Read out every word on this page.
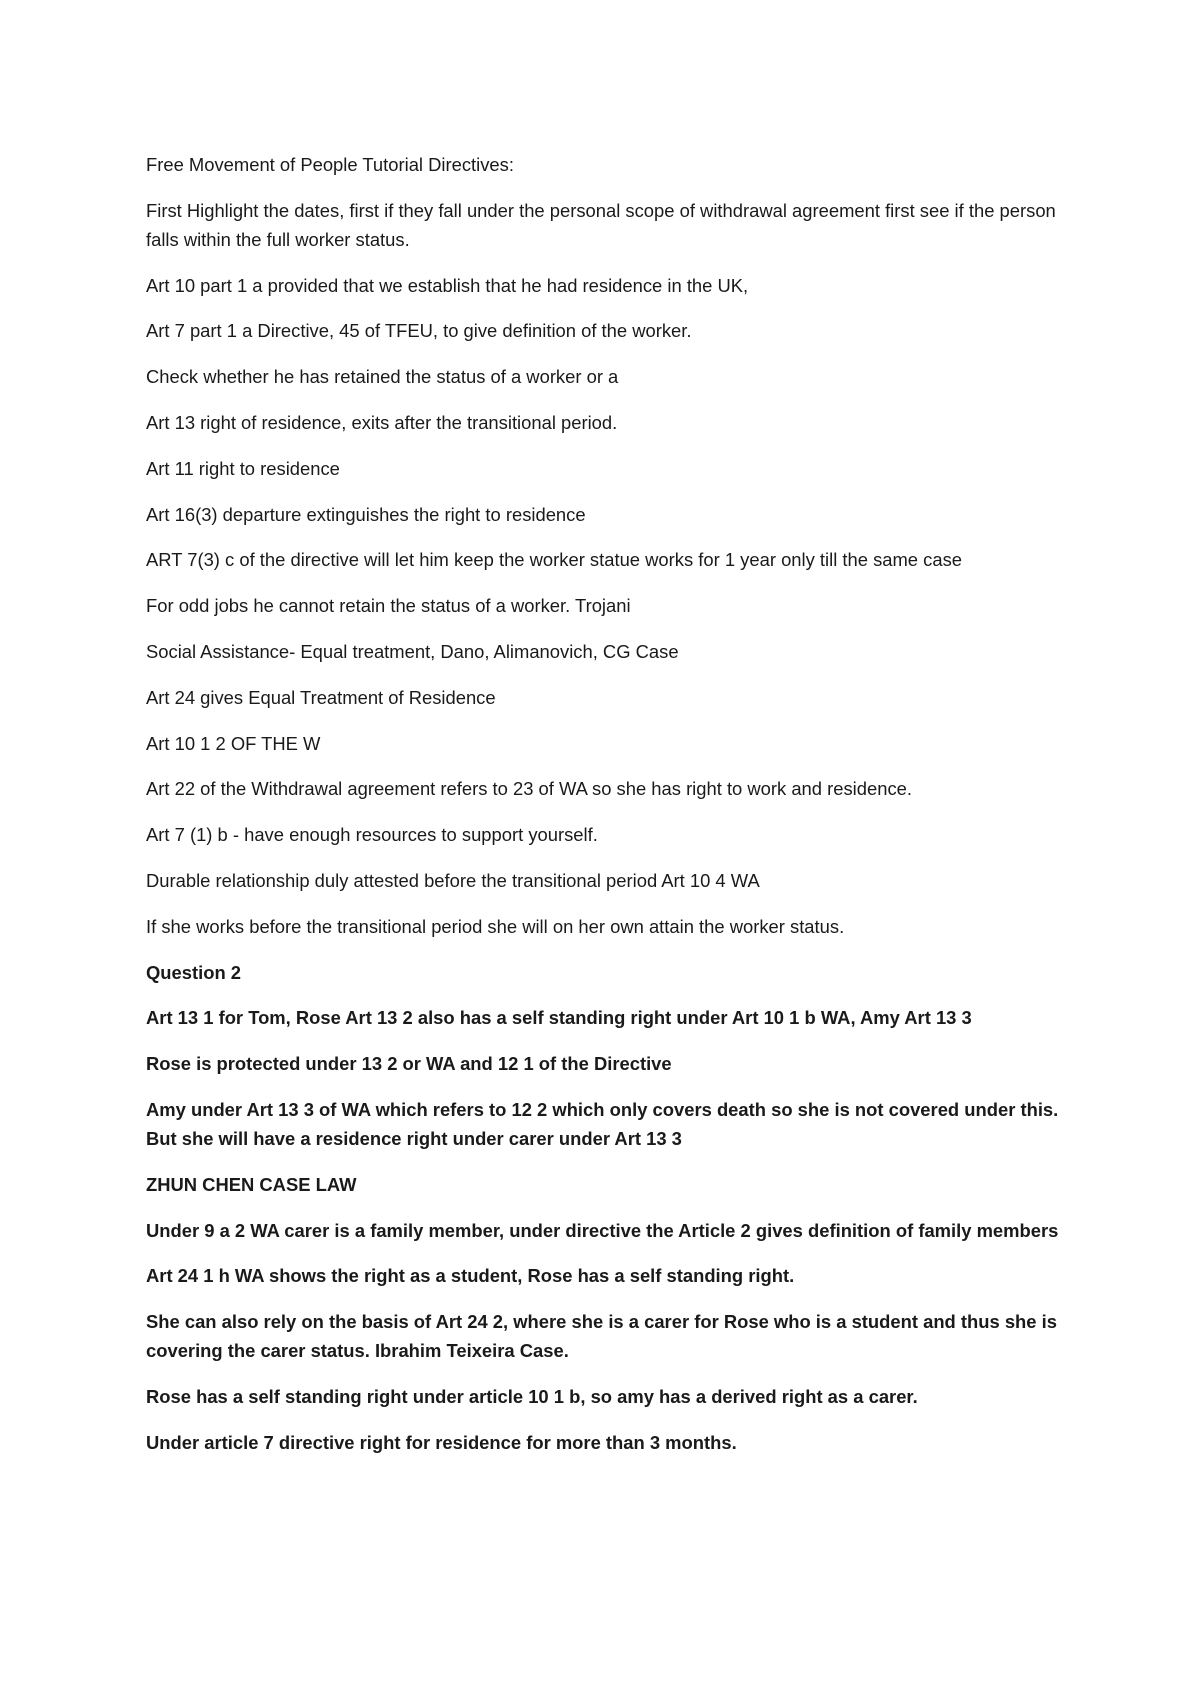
Free Movement of People Tutorial Directives:

First Highlight the dates, first if they fall under the personal scope of withdrawal agreement first see if the person falls within the full worker status.

Art 10 part 1 a provided that we establish that he had residence in the UK,

Art 7 part 1 a Directive, 45 of TFEU, to give definition of the worker.

Check whether he has retained the status of a worker or a

Art 13 right of residence, exits after the transitional period.

Art 11 right to residence

Art 16(3) departure extinguishes the right to residence

ART 7(3) c of the directive will let him keep the worker statue works for 1 year only till the same case

For odd jobs he cannot retain the status of a worker. Trojani

Social Assistance- Equal treatment, Dano, Alimanovich, CG Case

Art 24 gives Equal Treatment of Residence

Art 10 1 2 OF THE W

Art 22 of the Withdrawal agreement refers to 23 of WA so she has right to work and residence.

Art 7 (1) b - have enough resources to support yourself.

Durable relationship duly attested before the transitional period Art 10 4 WA

If she works before the transitional period she will on her own attain the worker status.

Question 2

Art 13 1 for Tom, Rose Art 13 2 also has a self standing right under Art 10 1 b WA, Amy Art 13 3

Rose is protected under 13 2 or WA and 12 1 of the Directive

Amy under Art 13 3 of WA which refers to 12 2 which only covers death so she is not covered under this. But she will have a residence right under carer under Art 13 3

ZHUN CHEN CASE LAW

Under 9 a 2 WA carer is a family member, under directive the Article 2 gives definition of family members

Art 24 1 h WA shows the right as a student, Rose has a self standing right.

She can also rely on the basis of Art 24 2, where she is a carer for Rose who is a student and thus she is covering the carer status. Ibrahim Teixeira Case.

Rose has a self standing right under article 10 1 b, so amy has a derived right as a carer.

Under article 7 directive right for residence for more than 3 months.
